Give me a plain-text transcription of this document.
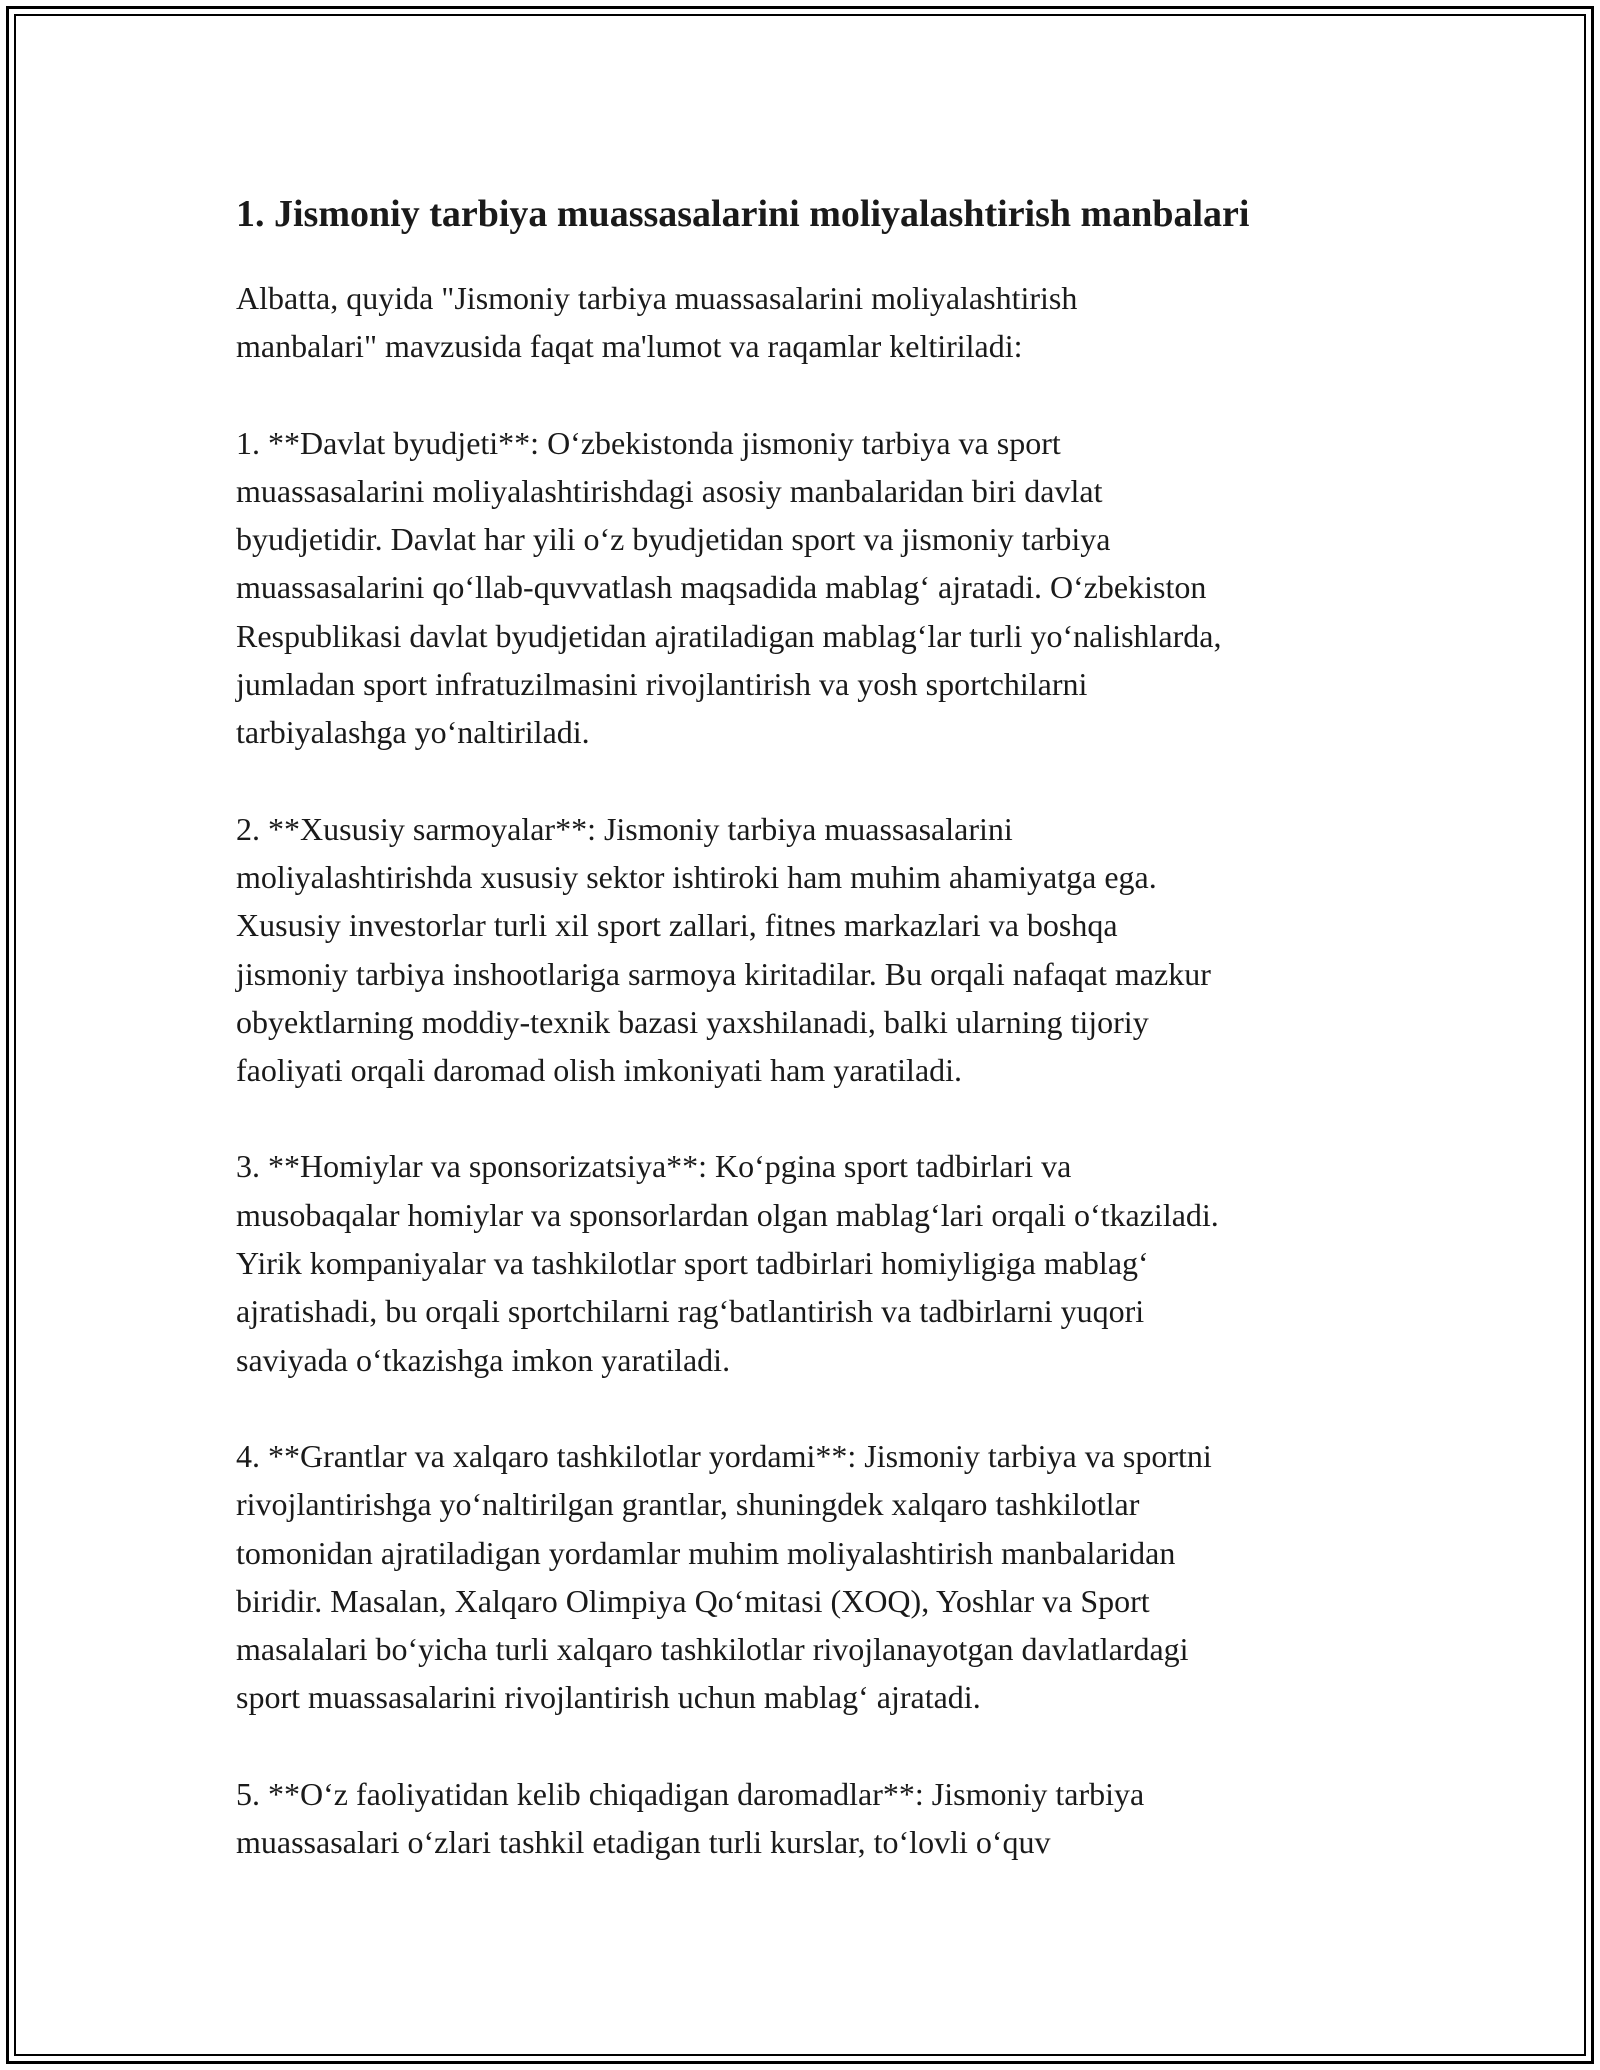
1. Jismoniy tarbiya muassasalarini moliyalashtirish manbalari

Albatta, quyida "Jismoniy tarbiya muassasalarini moliyalashtirish
manbalari" mavzusida faqat ma'lumot va raqamlar keltiriladi:

1. **Davlat byudjeti**: O‘zbekistonda jismoniy tarbiya va sport
muassasalarini moliyalashtirishdagi asosiy manbalaridan biri davlat
byudjetidir. Davlat har yili o‘z byudjetidan sport va jismoniy tarbiya
muassasalarini qo‘llab-quvvatlash maqsadida mablag‘ ajratadi. O‘zbekiston
Respublikasi davlat byudjetidan ajratiladigan mablag‘lar turli yo‘nalishlarda,
jumladan sport infratuzilmasini rivojlantirish va yosh sportchilarni
tarbiyalashga yo‘naltiriladi.

2. **Xususiy sarmoyalar**: Jismoniy tarbiya muassasalarini
moliyalashtirishda xususiy sektor ishtiroki ham muhim ahamiyatga ega.
Xususiy investorlar turli xil sport zallari, fitnes markazlari va boshqa
jismoniy tarbiya inshootlariga sarmoya kiritadilar. Bu orqali nafaqat mazkur
obyektlarning moddiy-texnik bazasi yaxshilanadi, balki ularning tijoriy
faoliyati orqali daromad olish imkoniyati ham yaratiladi.

3. **Homiylar va sponsorizatsiya**: Ko‘pgina sport tadbirlari va
musobaqalar homiylar va sponsorlardan olgan mablag‘lari orqali o‘tkaziladi.
Yirik kompaniyalar va tashkilotlar sport tadbirlari homiyligiga mablag‘
ajratishadi, bu orqali sportchilarni rag‘batlantirish va tadbirlarni yuqori
saviyada o‘tkazishga imkon yaratiladi.

4. **Grantlar va xalqaro tashkilotlar yordami**: Jismoniy tarbiya va sportni
rivojlantirishga yo‘naltirilgan grantlar, shuningdek xalqaro tashkilotlar
tomonidan ajratiladigan yordamlar muhim moliyalashtirish manbalaridan
biridir. Masalan, Xalqaro Olimpiya Qo‘mitasi (XOQ), Yoshlar va Sport
masalalari bo‘yicha turli xalqaro tashkilotlar rivojlanayotgan davlatlardagi
sport muassasalarini rivojlantirish uchun mablag‘ ajratadi.

5. **O‘z faoliyatidan kelib chiqadigan daromadlar**: Jismoniy tarbiya
muassasalari o‘zlari tashkil etadigan turli kurslar, to‘lovli o‘quv
